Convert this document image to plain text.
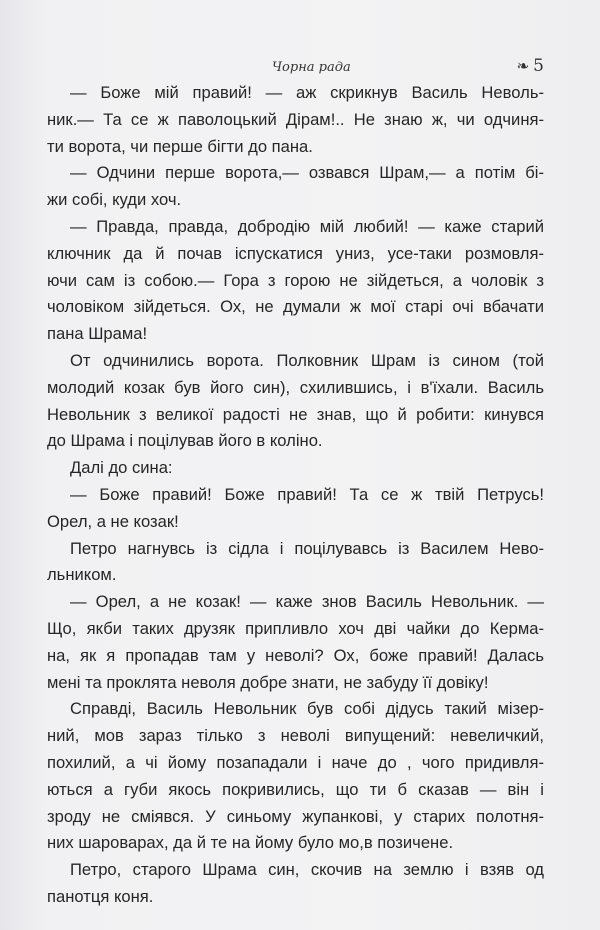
Чорна рада	❧ 5
— Боже мій правий! — аж скрикнув Василь Неволь-
ник.— Та се ж паволоцький Дірам!.. Не знаю ж, чи одчиня-
ти ворота, чи перше бігти до пана.
— Одчини перше ворота,— озвався Шрам,— а потім бі-
жи собі, куди хоч.
— Правда, правда, добродію мій любий! — каже старий
ключник да й почав іспускатися униз, усе-таки розмовля-
ючи сам із собою.— Гора з горою не зійдеться, а чоловік з
чоловіком зійдеться. Ох, не думали ж мої старі очі вбачати
пана Шрама!
От одчинились ворота. Полковник Шрам із сином (той
молодий козак був його син), схилившись, і в'їхали. Василь
Невольник з великої радості не знав, що й робити: кинувся
до Шрама і поцілував його в коліно.
Далі до сина:
— Боже правий! Боже правий! Та се ж твій Петрусь!
Орел, а не козак!
Петро нагнувсь із сідла і поцілувавсь із Василем Нево-
льником.
— Орел, а не козак! — каже знов Василь Невольник. —
Що, якби таких друзяк припливло хоч дві чайки до Керма-
на, як я пропадав там у неволі? Ох, боже правий! Далась
мені та проклята неволя добре знати, не забуду її довіку!
Справді, Василь Невольник був собі дідусь такий мізер-
ний, мов зараз тілько з неволі випущений: невеличкий,
похилий, а чі йому позападали і наче до , чого придивля-
ються а губи якось покривились, що ти б сказав — він і
зроду не сміявся. У синьому жупанкові, у старих полотня-
них шароварах, да й те на йому було мо,в позичене.
Петро, старого Шрама син, скочив на землю і взяв од
панотця коня.
